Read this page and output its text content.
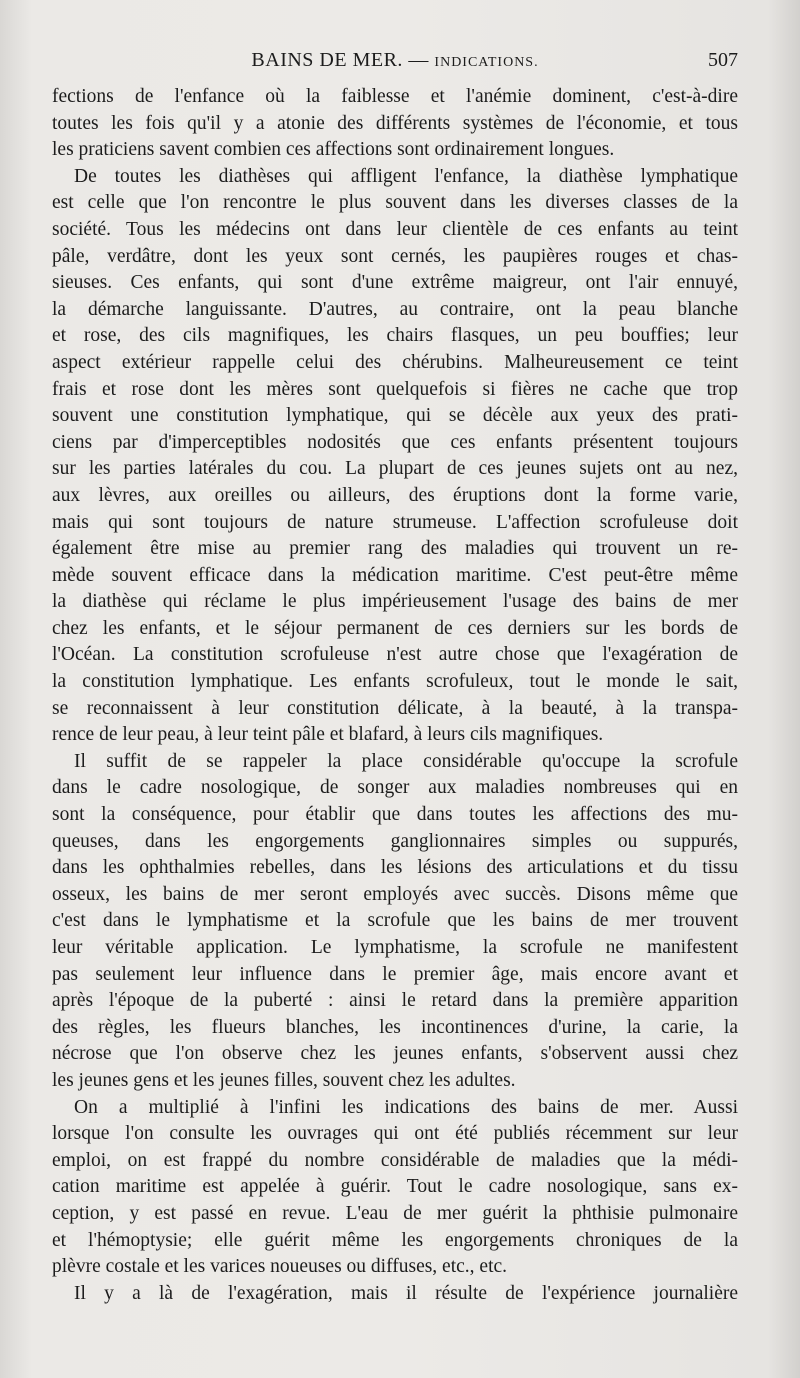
BAINS DE MER. — INDICATIONS.	507
fections de l'enfance où la faiblesse et l'anémie dominent, c'est-à-dire
toutes les fois qu'il y a atonie des différents systèmes de l'économie, et tous
les praticiens savent combien ces affections sont ordinairement longues.
De toutes les diathèses qui affligent l'enfance, la diathèse lymphatique
est celle que l'on rencontre le plus souvent dans les diverses classes de la
société. Tous les médecins ont dans leur clientèle de ces enfants au teint
pâle, verdâtre, dont les yeux sont cernés, les paupières rouges et chas-
sieuses. Ces enfants, qui sont d'une extrême maigreur, ont l'air ennuyé,
la démarche languissante. D'autres, au contraire, ont la peau blanche
et rose, des cils magnifiques, les chairs flasques, un peu bouffies; leur
aspect extérieur rappelle celui des chérubins. Malheureusement ce teint
frais et rose dont les mères sont quelquefois si fières ne cache que trop
souvent une constitution lymphatique, qui se décèle aux yeux des prati-
ciens par d'imperceptibles nodosités que ces enfants présentent toujours
sur les parties latérales du cou. La plupart de ces jeunes sujets ont au nez,
aux lèvres, aux oreilles ou ailleurs, des éruptions dont la forme varie,
mais qui sont toujours de nature strumeuse. L'affection scrofuleuse doit
également être mise au premier rang des maladies qui trouvent un re-
mède souvent efficace dans la médication maritime. C'est peut-être même
la diathèse qui réclame le plus impérieusement l'usage des bains de mer
chez les enfants, et le séjour permanent de ces derniers sur les bords de
l'Océan. La constitution scrofuleuse n'est autre chose que l'exagération de
la constitution lymphatique. Les enfants scrofuleux, tout le monde le sait,
se reconnaissent à leur constitution délicate, à la beauté, à la transpa-
rence de leur peau, à leur teint pâle et blafard, à leurs cils magnifiques.
Il suffit de se rappeler la place considérable qu'occupe la scrofule
dans le cadre nosologique, de songer aux maladies nombreuses qui en
sont la conséquence, pour établir que dans toutes les affections des mu-
queuses, dans les engorgements ganglionnaires simples ou suppurés,
dans les ophthalmies rebelles, dans les lésions des articulations et du tissu
osseux, les bains de mer seront employés avec succès. Disons même que
c'est dans le lymphatisme et la scrofule que les bains de mer trouvent
leur véritable application. Le lymphatisme, la scrofule ne manifestent
pas seulement leur influence dans le premier âge, mais encore avant et
après l'époque de la puberté : ainsi le retard dans la première apparition
des règles, les flueurs blanches, les incontinences d'urine, la carie, la
nécrose que l'on observe chez les jeunes enfants, s'observent aussi chez
les jeunes gens et les jeunes filles, souvent chez les adultes.
On a multiplié à l'infini les indications des bains de mer. Aussi
lorsque l'on consulte les ouvrages qui ont été publiés récemment sur leur
emploi, on est frappé du nombre considérable de maladies que la médi-
cation maritime est appelée à guérir. Tout le cadre nosologique, sans ex-
ception, y est passé en revue. L'eau de mer guérit la phthisie pulmonaire
et l'hémoptysie; elle guérit même les engorgements chroniques de la
plèvre costale et les varices noueuses ou diffuses, etc., etc.
Il y a là de l'exagération, mais il résulte de l'expérience journalière
